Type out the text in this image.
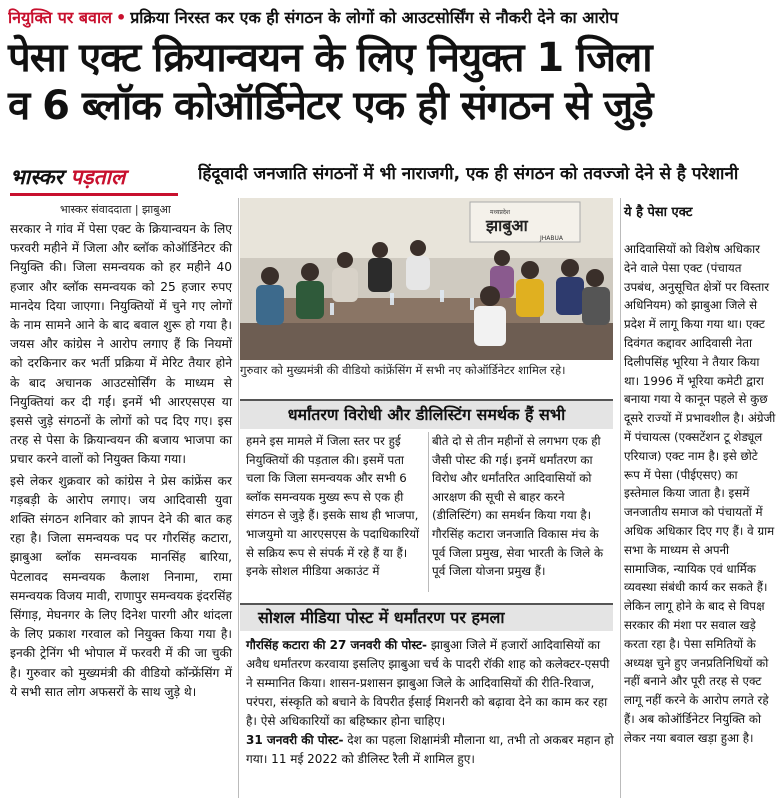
नियुक्ति पर बवाल • प्रक्रिया निरस्त कर एक ही संगठन के लोगों को आउटसोर्सिंग से नौकरी देने का आरोप
पेसा एक्ट क्रियान्वयन के लिए नियुक्त 1 जिला
व 6 ब्लॉक कोऑर्डिनेटर एक ही संगठन से जुड़े
भास्कर पड़ताल	हिंदूवादी जनजाति संगठनों में भी नाराजगी, एक ही संगठन को तवज्जो देने से है परेशानी
भास्कर संवाददाता | झाबुआ

सरकार ने गांव में पेसा एक्ट के क्रियान्वयन के लिए फरवरी महीने में जिला और ब्लॉक कोऑर्डिनेटर की नियुक्ति की। जिला समन्वयक को हर महीने 40 हजार और ब्लॉक समन्वयक को 25 हजार रुपए मानदेय दिया जाएगा। नियुक्तियों में चुने गए लोगों के नाम सामने आने के बाद बवाल शुरू हो गया है। जयस और कांग्रेस ने आरोप लगाए हैं कि नियमों को दरकिनार कर भर्ती प्रक्रिया में मेरिट तैयार होने के बाद अचानक आउटसोर्सिंग के माध्यम से नियुक्तियां कर दी गईं। इनमें भी आरएसएस या इससे जुड़े संगठनों के लोगों को पद दिए गए। इस तरह से पेसा के क्रियान्वयन की बजाय भाजपा का प्रचार करने वालों को नियुक्त किया गया।

इसे लेकर शुक्रवार को कांग्रेस ने प्रेस कांफ्रेंस कर गड़बड़ी के आरोप लगाए। जय आदिवासी युवा शक्ति संगठन शनिवार को ज्ञापन देने की बात कह रहा है। जिला समन्वयक पद पर गौरसिंह कटारा, झाबुआ ब्लॉक समन्वयक मानसिंह बारिया, पेटलावद समन्वयक कैलाश निनामा, रामा समन्वयक विजय मावी, राणापुर समन्वयक इंदरसिंह सिंगाड़, मेघनगर के लिए दिनेश पारगी और थांदला के लिए प्रकाश गरवाल को नियुक्त किया गया है। इनकी ट्रेनिंग भी भोपाल में फरवरी में की जा चुकी है। गुरुवार को मुख्यमंत्री की वीडियो कॉन्फ्रेंसिंग में ये सभी सात लोग अफसरों के साथ जुड़े थे।

मध्यप्रदेश
झाबुआ
JHABUA
गुरुवार को मुख्यमंत्री की वीडियो कांफ्रेंसिंग में सभी नए कोऑर्डिनेटर शामिल रहे।
धर्मांतरण विरोधी और डीलिस्टिंग समर्थक हैं सभी
हमने इस मामले में जिला स्तर पर हुई नियुक्तियों की पड़ताल की। इसमें पता चला कि जिला समन्वयक और सभी 6 ब्लॉक समन्वयक मुख्य रूप से एक ही संगठन से जुड़े हैं। इसके साथ ही भाजपा, भाजयुमो या आरएसएस के पदाधिकारियों से सक्रिय रूप से संपर्क में रहे हैं या हैं। इनके सोशल मीडिया अकाउंट में
बीते दो से तीन महीनों से लगभग एक ही जैसी पोस्ट की गई। इनमें धर्मांतरण का विरोध और धर्मांतरित आदिवासियों को आरक्षण की सूची से बाहर करने (डीलिस्टिंग) का समर्थन किया गया है। गौरसिंह कटारा जनजाति विकास मंच के पूर्व जिला प्रमुख, सेवा भारती के जिले के पूर्व जिला योजना प्रमुख हैं।
सोशल मीडिया पोस्ट में धर्मांतरण पर हमला
गौरसिंह कटारा की 27 जनवरी की पोस्ट- झाबुआ जिले में हजारों आदिवासियों का अवैध धर्मांतरण करवाया इसलिए झाबुआ चर्च के पादरी रॉकी शाह को कलेक्टर-एसपी ने सम्मानित किया। शासन-प्रशासन झाबुआ जिले के आदिवासियों की रीति-रिवाज, परंपरा, संस्कृति को बचाने के विपरीत ईसाई मिशनरी को बढ़ावा देने का काम कर रहा है। ऐसे अधिकारियों का बहिष्कार होना चाहिए।
31 जनवरी की पोस्ट- देश का पहला शिक्षामंत्री मौलाना था, तभी तो अकबर महान हो गया। 11 मई 2022 को डीलिस्ट रैली में शामिल हुए।
ये है पेसा एक्ट
आदिवासियों को विशेष अधिकार देने वाले पेसा एक्ट (पंचायत उपबंध, अनुसूचित क्षेत्रों पर विस्तार अधिनियम) को झाबुआ जिले से प्रदेश में लागू किया गया था। एक्ट दिवंगत कद्दावर आदिवासी नेता दिलीपसिंह भूरिया ने तैयार किया था। 1996 में भूरिया कमेटी द्वारा बनाया गया ये कानून पहले से कुछ दूसरे राज्यों में प्रभावशील है। अंग्रेजी में पंचायत्स (एक्सटेंशन टू शेड्यूल एरियाज) एक्ट नाम है। इसे छोटे रूप में पेसा (पीईएसए) का इस्तेमाल किया जाता है। इसमें जनजातीय समाज को पंचायतों में अधिक अधिकार दिए गए हैं। वे ग्राम सभा के माध्यम से अपनी सामाजिक, न्यायिक एवं धार्मिक व्यवस्था संबंधी कार्य कर सकते हैं। लेकिन लागू होने के बाद से विपक्ष सरकार की मंशा पर सवाल खड़े करता रहा है। पेसा समितियों के अध्यक्ष चुने हुए जनप्रतिनिधियों को नहीं बनाने और पूरी तरह से एक्ट लागू नहीं करने के आरोप लगते रहे हैं। अब कोऑर्डिनेटर नियुक्ति को लेकर नया बवाल खड़ा हुआ है।
